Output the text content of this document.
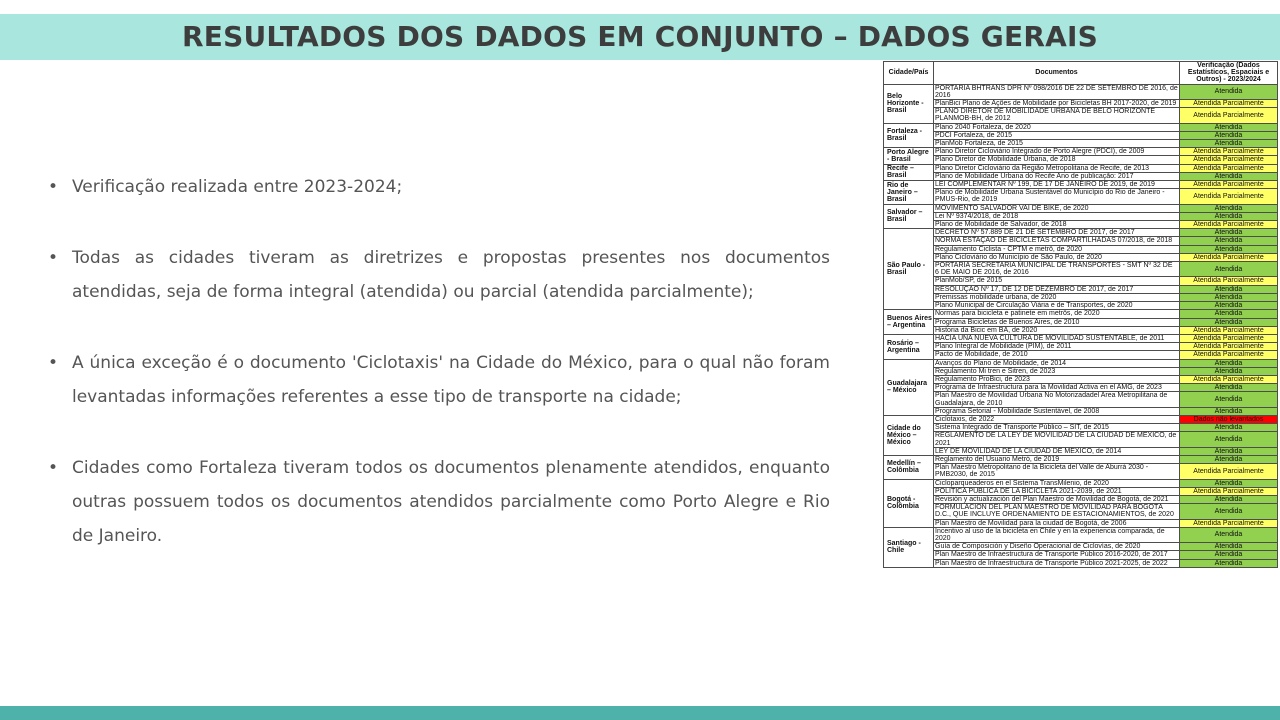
RESULTADOS DOS DADOS EM CONJUNTO – DADOS GERAIS
• Verificação realizada entre 2023-2024;
• Todas as cidades tiveram as diretrizes e propostas presentes nos documentos atendidas, seja de forma integral (atendida) ou parcial (atendida parcialmente);
• A única exceção é o documento 'Ciclotaxis' na Cidade do México, para o qual não foram levantadas informações referentes a esse tipo de transporte na cidade;
• Cidades como Fortaleza tiveram todos os documentos plenamente atendidos, enquanto outras possuem todos os documentos atendidos parcialmente como Porto Alegre e Rio de Janeiro.
Cidade/País	Documentos	Verificação (Dados Estatísticos, Espaciais e Outros) - 2023/2024
Belo Horizonte - Brasil	PORTARIA BHTRANS DPR Nº 098/2016 DE 22 DE SETEMBRO DE 2016, de 2016	Atendida
	PlanBici Plano de Ações de Mobilidade por Bicicletas BH 2017-2020, de 2019	Atendida Parcialmente
	PLANO DIRETOR DE MOBILIDADE URBANA DE BELO HORIZONTE PLANMOB-BH, de 2012	Atendida Parcialmente
Fortaleza - Brasil	Plano 2040 Fortaleza, de 2020	Atendida
	PDCI Fortaleza, de 2015	Atendida
	PlanMob Fortaleza, de 2015	Atendida
Porto Alegre - Brasil	Plano Diretor Cicloviário Integrado de Porto Alegre (PDCI), de 2009	Atendida Parcialmente
	Plano Diretor de Mobilidade Urbana, de 2018	Atendida Parcialmente
Recife – Brasil	Plano Diretor Cicloviário da Região Metropolitana de Recife, de 2013	Atendida Parcialmente
	Plano de Mobilidade Urbana do Recife Ano de publicação: 2017	Atendida
Rio de Janeiro – Brasil	LEI COMPLEMENTAR Nº 199, DE 17 DE JANEIRO DE 2019, de 2019	Atendida Parcialmente
	Plano de Mobilidade Urbana Sustentável do Município do Rio de Janeiro - PMUS-Rio, de 2019	Atendida Parcialmente
Salvador – Brasil	MOVIMENTO SALVADOR VAI DE BIKE, de 2020	Atendida
	Lei Nº 9374/2018, de 2018	Atendida
	Plano de Mobilidade de Salvador, de 2018	Atendida Parcialmente
São Paulo - Brasil	DECRETO Nº 57.889 DE 21 DE SETEMBRO DE 2017, de 2017	Atendida
	NORMA ESTAÇÃO DE BICICLETAS COMPARTILHADAS 07/2018, de 2018	Atendida
	Regulamento Ciclista - CPTM e metrô, de 2020	Atendida
	Plano Cicloviário do Município de São Paulo, de 2020	Atendida Parcialmente
	PORTARIA SECRETARIA MUNICIPAL DE TRANSPORTES - SMT Nº 32 DE 6 DE MAIO DE 2016, de 2016	Atendida
	PlanMob/SP, de 2015	Atendida Parcialmente
	RESOLUÇÃO Nº 17, DE 12 DE DEZEMBRO DE 2017, de 2017	Atendida
	Premissas mobilidade urbana, de 2020	Atendida
	Plano Municipal de Circulação Viária e de Transportes, de 2020	Atendida
Buenos Aires – Argentina	Normas para bicicleta e patinete em metrôs, de 2020	Atendida
	Programa Bicicletas de Buenos Aires, de 2010	Atendida
	Historia da Bicic em BA, de 2020	Atendida Parcialmente
Rosário – Argentina	HACIA UNA NUEVA CULTURA DE MOVILIDAD SUSTENTABLE, de 2011	Atendida Parcialmente
	Plano Integral de Mobilidade (PIM), de 2011	Atendida Parcialmente
	Pacto de Mobilidade, de 2010	Atendida Parcialmente
Guadalajara – México	Avanços do Plano de Mobilidade, de 2014	Atendida
	Regulamento Mi tren e Sitren, de 2023	Atendida
	Regulamento ProBici, de 2023	Atendida Parcialmente
	Programa de Infraestructura para la Movilidad Activa en el AMG, de 2023	Atendida
	Plan Maestro de Movilidad Urbana No Motorizadadel Area Metropilitana de Guadalajara, de 2010	Atendida
	Programa Setorial - Mobilidade Sustentável, de 2008	Atendida
Cidade do México – México	Ciclotaxis, de 2022	Dados não levantados
	Sistema Integrado de Transporte Público – SIT, de 2015	Atendida
	REGLAMENTO DE LA LEY DE MOVILIDAD DE LA CIUDAD DE MÉXICO, de 2021	Atendida
	LEY DE MOVILIDAD DE LA CIUDAD DE MÉXICO, de 2014	Atendida
Medellín – Colômbia	Reglamento del Usuario Metró, de 2019	Atendida
	Plan Maestro Metropolitano de la Bicicleta del Valle de Aburrá 2030 - PMB2030, de 2015	Atendida Parcialmente
Bogotá - Colômbia	Cicloparqueaderos en el Sistema TransMilenio, de 2020	Atendida
	POLITICA PUBLICA DE LA BICICLETA 2021-2039, de 2021	Atendida Parcialmente
	Revisión y actualización del Plan Maestro de Movilidad de Bogotá, de 2021	Atendida
	FORMULACIÓN DEL PLAN MAESTRO DE MOVILIDAD PARA BOGOTÁ D.C., QUE INCLUYE ORDENAMIENTO DE ESTACIONAMIENTOS, de 2020	Atendida
	Plan Maestro de Movilidad para la ciudad de Bogotá, de 2006	Atendida Parcialmente
Santiago - Chile	Incentivo al uso de la bicicleta en Chile y en la experiencia comparada, de 2020	Atendida
	Guía de Composición y Diseño Operacional de Ciclovías, de 2020	Atendida
	Plan Maestro de Infraestructura de Transporte Público 2016-2020, de 2017	Atendida
	Plan Maestro de Infraestructura de Transporte Público 2021-2025, de 2022	Atendida
